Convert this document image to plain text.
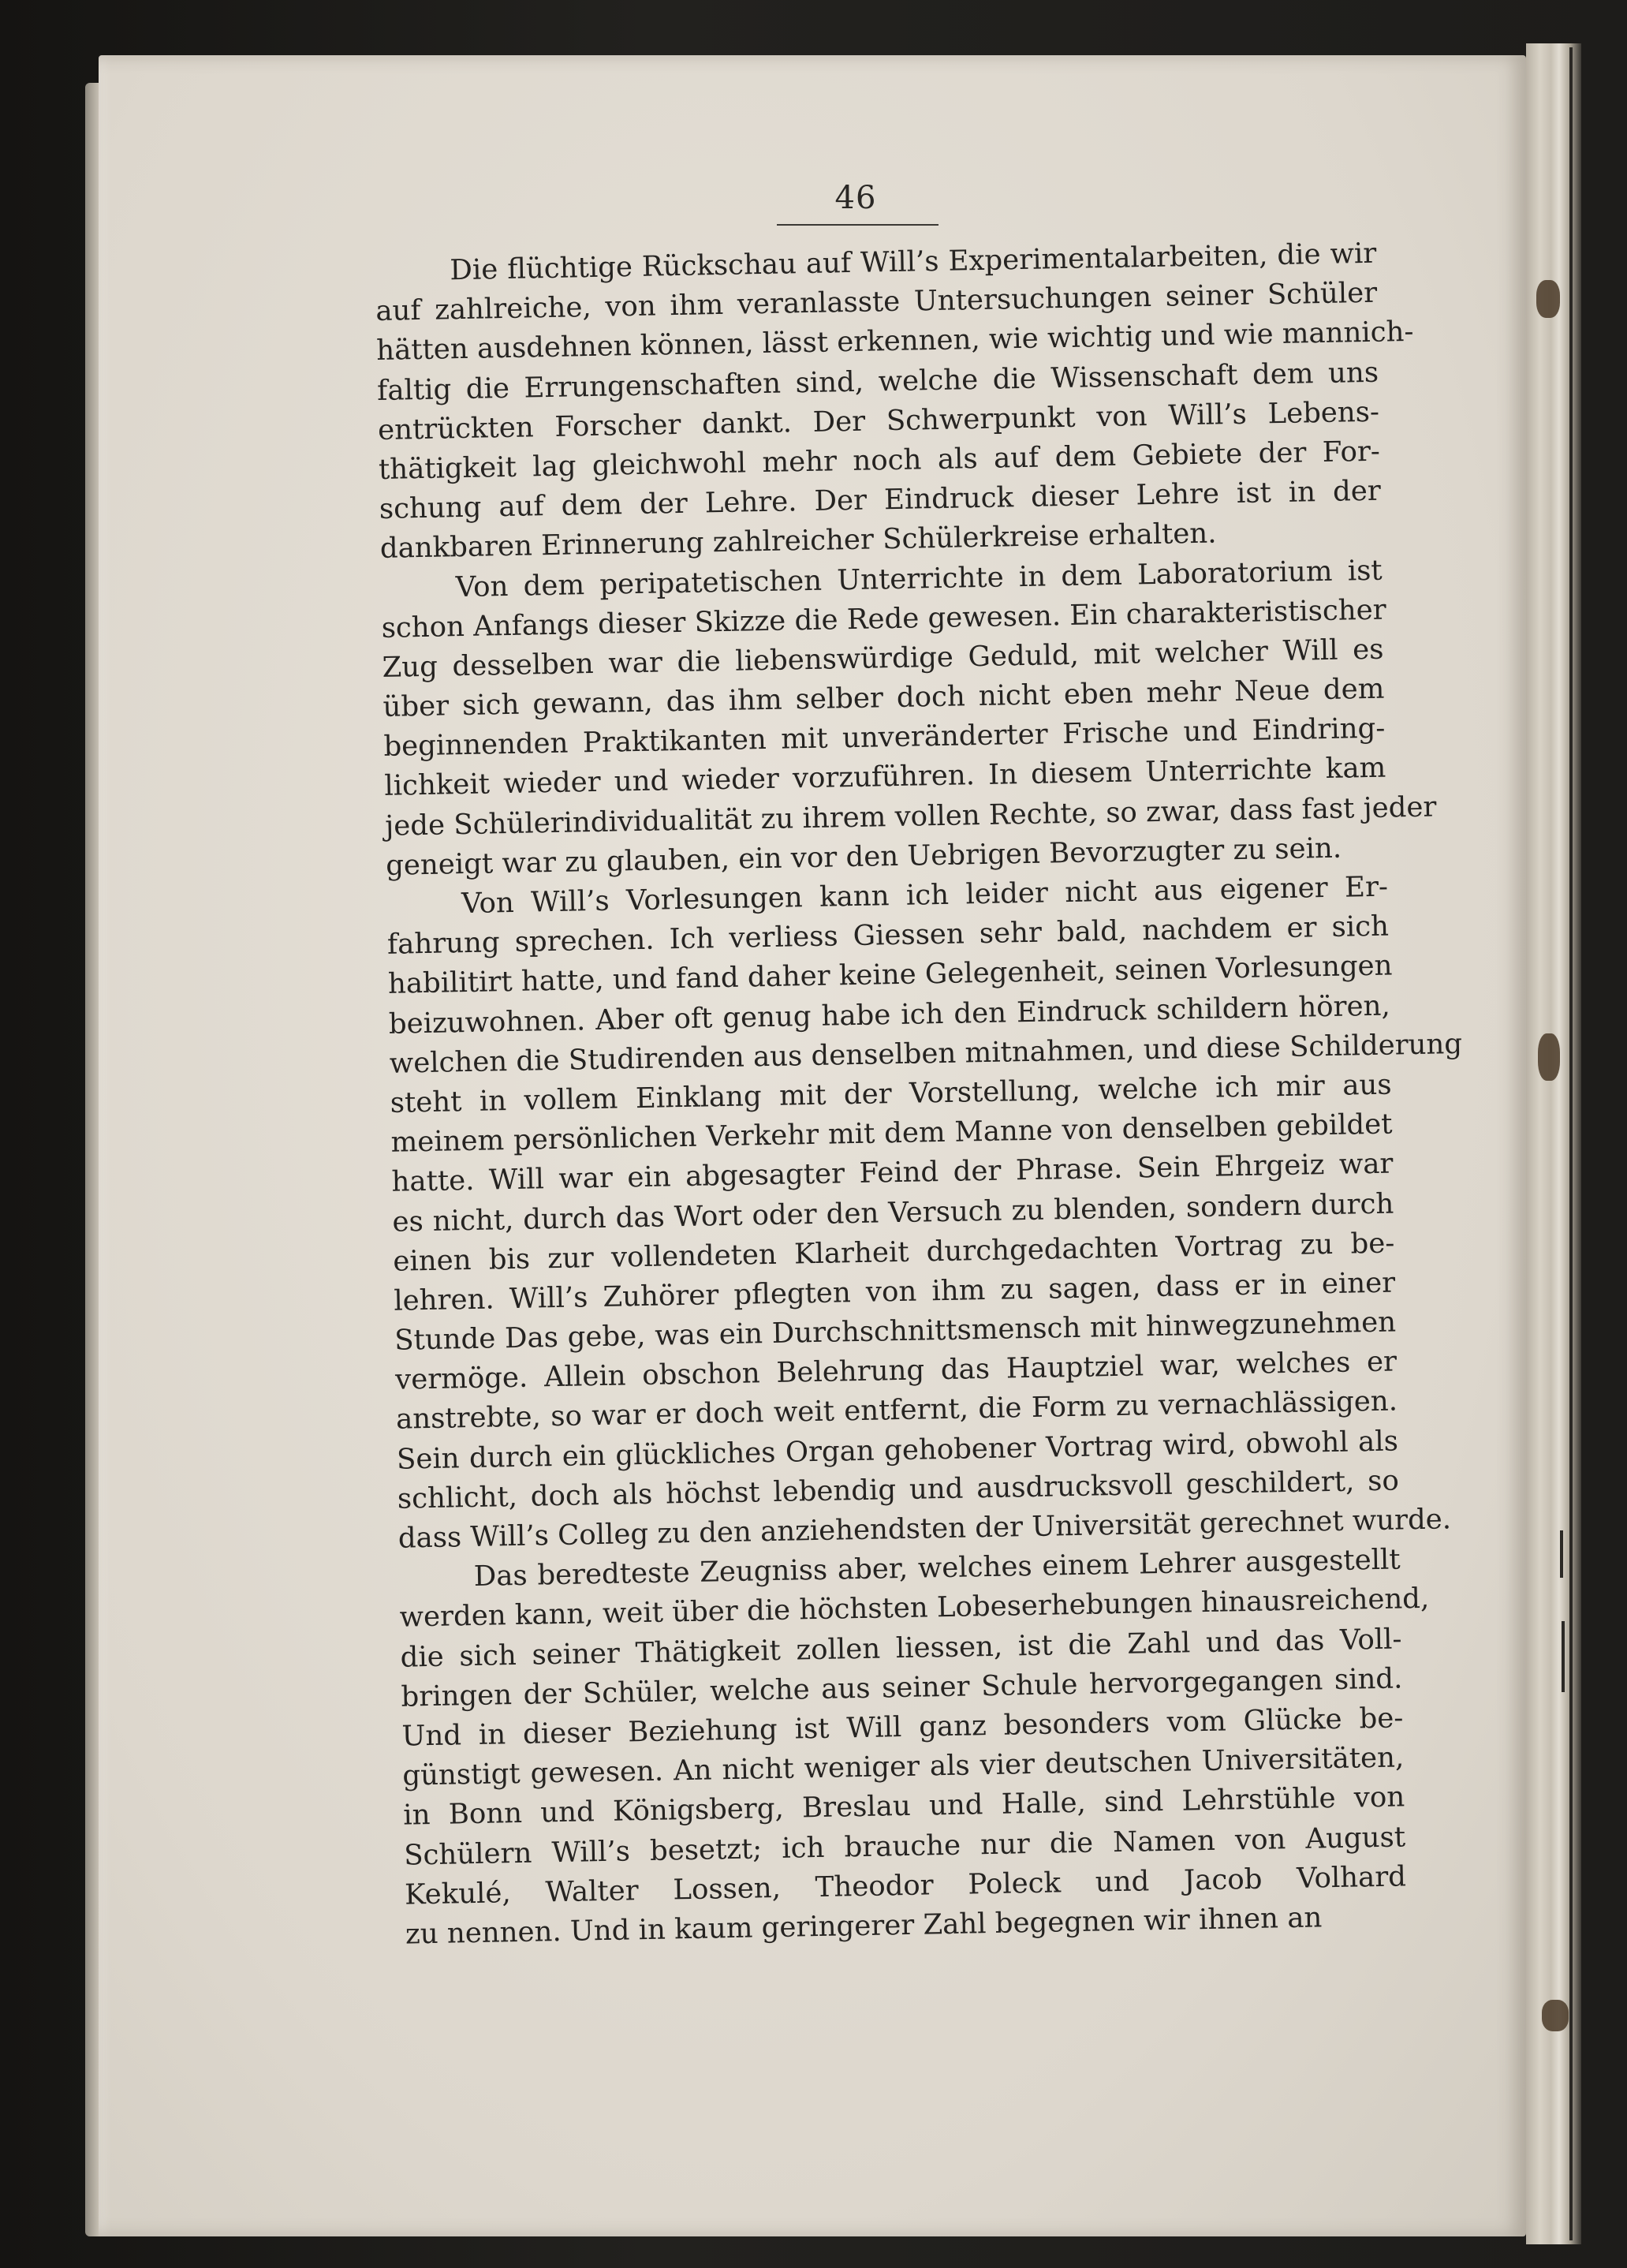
46
Die flüchtige Rückschau auf Will’s Experimentalarbeiten, die wir
auf zahlreiche, von ihm veranlasste Untersuchungen seiner Schüler
hätten ausdehnen können, lässt erkennen, wie wichtig und wie mannich-
faltig die Errungenschaften sind, welche die Wissenschaft dem uns
entrückten Forscher dankt. Der Schwerpunkt von Will’s Lebens-
thätigkeit lag gleichwohl mehr noch als auf dem Gebiete der For-
schung auf dem der Lehre. Der Eindruck dieser Lehre ist in der
dankbaren Erinnerung zahlreicher Schülerkreise erhalten.
Von dem peripatetischen Unterrichte in dem Laboratorium ist
schon Anfangs dieser Skizze die Rede gewesen. Ein charakteristischer
Zug desselben war die liebenswürdige Geduld, mit welcher Will es
über sich gewann, das ihm selber doch nicht eben mehr Neue dem
beginnenden Praktikanten mit unveränderter Frische und Eindring-
lichkeit wieder und wieder vorzuführen. In diesem Unterrichte kam
jede Schülerindividualität zu ihrem vollen Rechte, so zwar, dass fast jeder
geneigt war zu glauben, ein vor den Uebrigen Bevorzugter zu sein.
Von Will’s Vorlesungen kann ich leider nicht aus eigener Er-
fahrung sprechen. Ich verliess Giessen sehr bald, nachdem er sich
habilitirt hatte, und fand daher keine Gelegenheit, seinen Vorlesungen
beizuwohnen. Aber oft genug habe ich den Eindruck schildern hören,
welchen die Studirenden aus denselben mitnahmen, und diese Schilderung
steht in vollem Einklang mit der Vorstellung, welche ich mir aus
meinem persönlichen Verkehr mit dem Manne von denselben gebildet
hatte. Will war ein abgesagter Feind der Phrase. Sein Ehrgeiz war
es nicht, durch das Wort oder den Versuch zu blenden, sondern durch
einen bis zur vollendeten Klarheit durchgedachten Vortrag zu be-
lehren. Will’s Zuhörer pflegten von ihm zu sagen, dass er in einer
Stunde Das gebe, was ein Durchschnittsmensch mit hinwegzunehmen
vermöge. Allein obschon Belehrung das Hauptziel war, welches er
anstrebte, so war er doch weit entfernt, die Form zu vernachlässigen.
Sein durch ein glückliches Organ gehobener Vortrag wird, obwohl als
schlicht, doch als höchst lebendig und ausdrucksvoll geschildert, so
dass Will’s Colleg zu den anziehendsten der Universität gerechnet wurde.
Das beredteste Zeugniss aber, welches einem Lehrer ausgestellt
werden kann, weit über die höchsten Lobeserhebungen hinausreichend,
die sich seiner Thätigkeit zollen liessen, ist die Zahl und das Voll-
bringen der Schüler, welche aus seiner Schule hervorgegangen sind.
Und in dieser Beziehung ist Will ganz besonders vom Glücke be-
günstigt gewesen. An nicht weniger als vier deutschen Universitäten,
in Bonn und Königsberg, Breslau und Halle, sind Lehrstühle von
Schülern Will’s besetzt; ich brauche nur die Namen von August
Kekulé, Walter Lossen, Theodor Poleck und Jacob Volhard
zu nennen. Und in kaum geringerer Zahl begegnen wir ihnen an
